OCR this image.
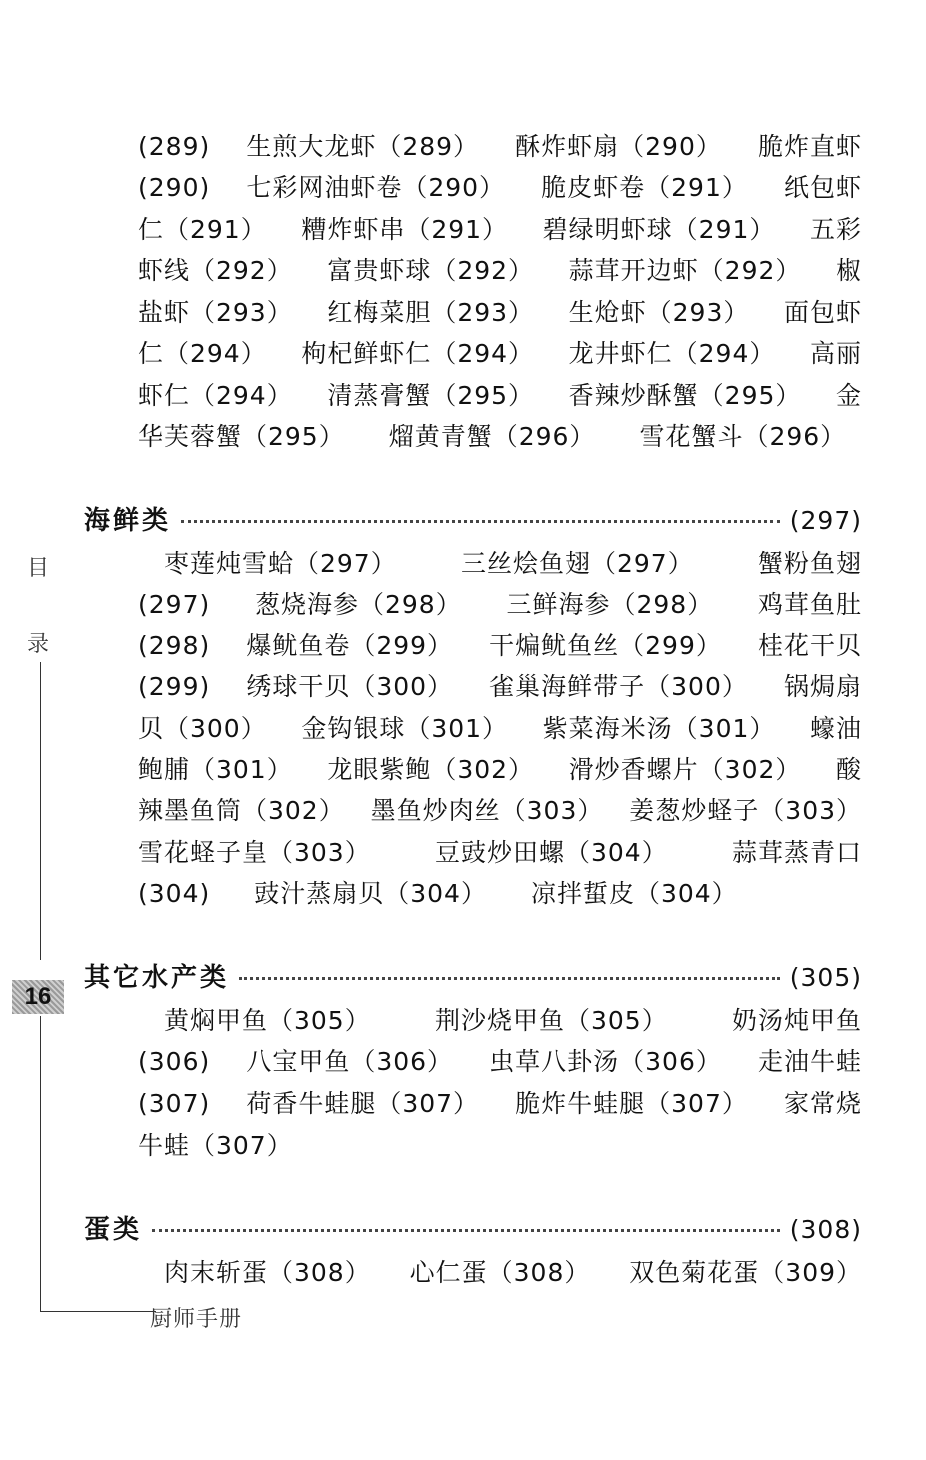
(289) 生煎大龙虾（289） 酥炸虾扇（290） 脆炸直虾
(290) 七彩网油虾卷（290） 脆皮虾卷（291） 纸包虾
仁（291） 糟炸虾串（291） 碧绿明虾球（291） 五彩
虾线（292） 富贵虾球（292） 蒜茸开边虾（292） 椒
盐虾（293） 红梅菜胆（293） 生炝虾（293） 面包虾
仁（294） 枸杞鲜虾仁（294） 龙井虾仁（294） 高丽
虾仁（294） 清蒸膏蟹（295） 香辣炒酥蟹（295） 金
华芙蓉蟹（295） 熘黄青蟹（296） 雪花蟹斗（296）
海鲜类	(297)
枣莲炖雪蛤（297）	三丝烩鱼翅（297）	蟹粉鱼翅
(297) 葱烧海参（298） 三鲜海参（298） 鸡茸鱼肚
(298) 爆鱿鱼卷（299） 干煸鱿鱼丝（299） 桂花干贝
(299) 绣球干贝（300） 雀巢海鲜带子（300） 锅焗扇
贝（300） 金钩银球（301） 紫菜海米汤（301） 蠔油
鲍脯（301） 龙眼紫鲍（302） 滑炒香螺片（302） 酸
辣墨鱼筒（302） 墨鱼炒肉丝（303） 姜葱炒蛏子（303）
雪花蛏子皇（303）	豆豉炒田螺（304）	蒜茸蒸青口
(304) 豉汁蒸扇贝（304） 凉拌蜇皮（304）
其它水产类	(305)
黄焖甲鱼（305）	荆沙烧甲鱼（305）	奶汤炖甲鱼
(306) 八宝甲鱼（306） 虫草八卦汤（306） 走油牛蛙
(307) 荷香牛蛙腿（307） 脆炸牛蛙腿（307） 家常烧
牛蛙（307）
蛋类	(308)
肉末斩蛋（308） 心仁蛋（308） 双色菊花蛋（309）
目
录
16
厨师手册
